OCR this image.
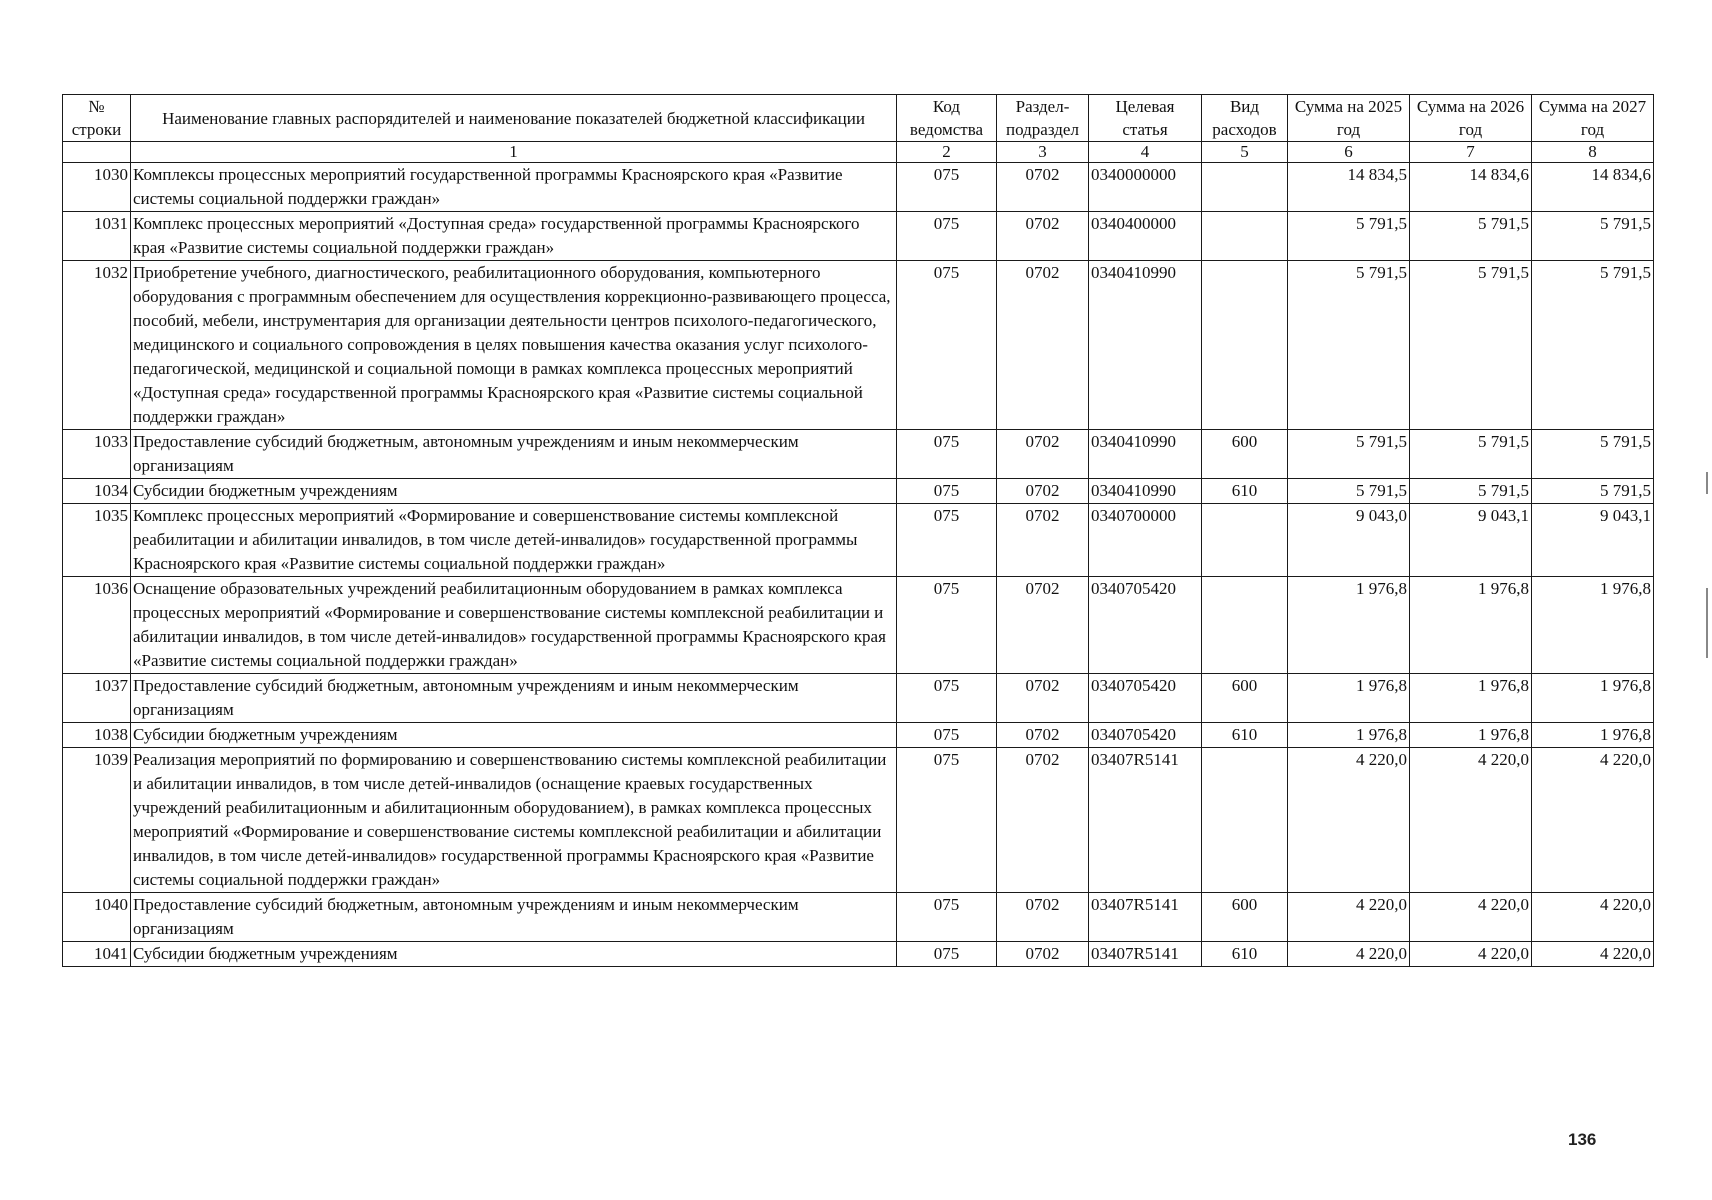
№ строки	Наименование главных распорядителей и наименование показателей бюджетной классификации	Код ведомства	Раздел-подраздел	Целевая статья	Вид расходов	Сумма на 2025 год	Сумма на 2026 год	Сумма на 2027 год
	1	2	3	4	5	6	7	8
1030	Комплексы процессных мероприятий государственной программы Красноярского края «Развитие системы социальной поддержки граждан»	075	0702	0340000000		14 834,5	14 834,6	14 834,6
1031	Комплекс процессных мероприятий «Доступная среда» государственной программы Красноярского края «Развитие системы социальной поддержки граждан»	075	0702	0340400000		5 791,5	5 791,5	5 791,5
1032	Приобретение учебного, диагностического, реабилитационного оборудования, компьютерного оборудования с программным обеспечением для осуществления коррекционно-развивающего процесса, пособий, мебели, инструментария для организации деятельности центров психолого-педагогического, медицинского и социального сопровождения в целях повышения качества оказания услуг психолого-педагогической, медицинской и социальной помощи в рамках комплекса процессных мероприятий «Доступная среда» государственной программы Красноярского края «Развитие системы социальной поддержки граждан»	075	0702	0340410990		5 791,5	5 791,5	5 791,5
1033	Предоставление субсидий бюджетным, автономным учреждениям и иным некоммерческим организациям	075	0702	0340410990	600	5 791,5	5 791,5	5 791,5
1034	Субсидии бюджетным учреждениям	075	0702	0340410990	610	5 791,5	5 791,5	5 791,5
1035	Комплекс процессных мероприятий «Формирование и совершенствование системы комплексной реабилитации и абилитации инвалидов, в том числе детей-инвалидов» государственной программы Красноярского края «Развитие системы социальной поддержки граждан»	075	0702	0340700000		9 043,0	9 043,1	9 043,1
1036	Оснащение образовательных учреждений реабилитационным оборудованием в рамках комплекса процессных мероприятий «Формирование и совершенствование системы комплексной реабилитации и абилитации инвалидов, в том числе детей-инвалидов» государственной программы Красноярского края «Развитие системы социальной поддержки граждан»	075	0702	0340705420		1 976,8	1 976,8	1 976,8
1037	Предоставление субсидий бюджетным, автономным учреждениям и иным некоммерческим организациям	075	0702	0340705420	600	1 976,8	1 976,8	1 976,8
1038	Субсидии бюджетным учреждениям	075	0702	0340705420	610	1 976,8	1 976,8	1 976,8
1039	Реализация мероприятий по формированию и совершенствованию системы комплексной реабилитации и абилитации инвалидов, в том числе детей-инвалидов (оснащение краевых государственных учреждений реабилитационным и абилитационным оборудованием), в рамках комплекса процессных мероприятий «Формирование и совершенствование системы комплексной реабилитации и абилитации инвалидов, в том числе детей-инвалидов» государственной программы Красноярского края «Развитие системы социальной поддержки граждан»	075	0702	03407R5141		4 220,0	4 220,0	4 220,0
1040	Предоставление субсидий бюджетным, автономным учреждениям и иным некоммерческим организациям	075	0702	03407R5141	600	4 220,0	4 220,0	4 220,0
1041	Субсидии бюджетным учреждениям	075	0702	03407R5141	610	4 220,0	4 220,0	4 220,0
136
